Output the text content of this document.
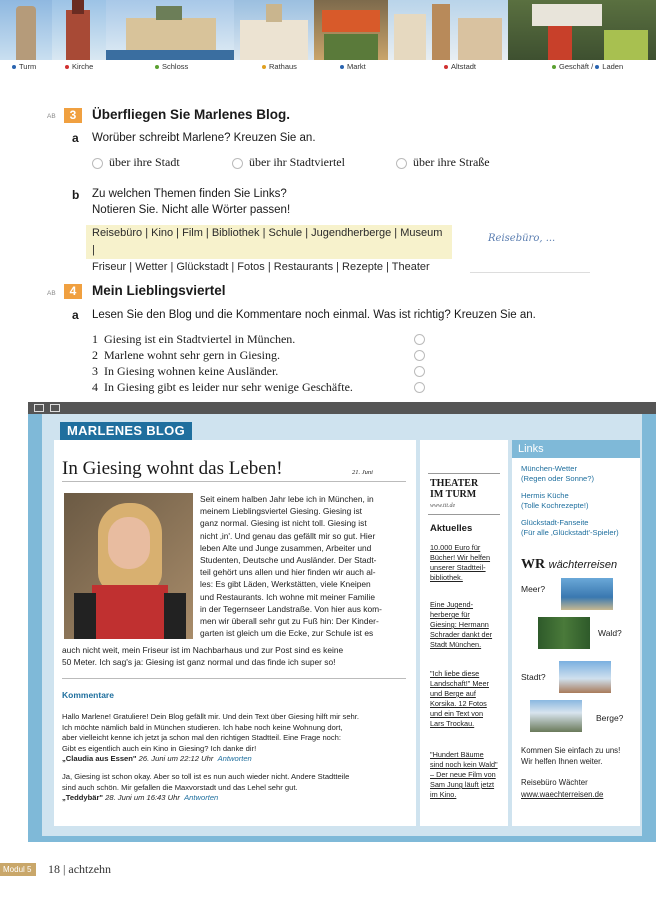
Turm	Kirche	Schloss	Rathaus	Markt	Altstadt	Geschäft / Laden
AB	3	Überfliegen Sie Marlenes Blog.
a Worüber schreibt Marlene? Kreuzen Sie an.
über ihre Stadt	über ihr Stadtviertel	über ihre Straße
b Zu welchen Themen finden Sie Links?
Notieren Sie. Nicht alle Wörter passen!
Reisebüro | Kino | Film | Bibliothek | Schule | Jugendherberge | Museum |
Friseur | Wetter | Glückstadt | Fotos | Restaurants | Rezepte | Theater
Reisebüro, ...
AB	4	Mein Lieblingsviertel
a Lesen Sie den Blog und die Kommentare noch einmal. Was ist richtig? Kreuzen Sie an.
1 Giesing ist ein Stadtviertel in München.
2 Marlene wohnt sehr gern in Giesing.
3 In Giesing wohnen keine Ausländer.
4 In Giesing gibt es leider nur sehr wenige Geschäfte.
MARLENES BLOG
Links
In Giesing wohnt das Leben!	21. Juni
Seit einem halben Jahr lebe ich in München, in
meinem Lieblingsviertel Giesing. Giesing ist
ganz normal. Giesing ist nicht toll. Giesing ist
nicht ‚in'. Und genau das gefällt mir so gut. Hier
leben Alte und Junge zusammen, Arbeiter und
Studenten, Deutsche und Ausländer. Der Stadt-
teil gehört uns allen und hier finden wir auch al-
les: Es gibt Läden, Werkstätten, viele Kneipen
und Restaurants. Ich wohne mit meiner Familie
in der Tegernseer Landstraße. Von hier aus kom-
men wir überall sehr gut zu Fuß hin: Der Kinder-
garten ist gleich um die Ecke, zur Schule ist es
auch nicht weit, mein Friseur ist im Nachbarhaus und zur Post sind es keine
50 Meter. Ich sag's ja: Giesing ist ganz normal und das finde ich super so!
Kommentare
Hallo Marlene! Gratuliere! Dein Blog gefällt mir. Und dein Text über Giesing hilft mir sehr.
Ich möchte nämlich bald in München studieren. Ich habe noch keine Wohnung dort,
aber vielleicht kenne ich jetzt ja schon mal den richtigen Stadtteil. Eine Frage noch:
Gibt es eigentlich auch ein Kino in Giesing? Ich danke dir!
„Claudia aus Essen" 26. Juni um 22:12 Uhr Antworten
Ja, Giesing ist schon okay. Aber so toll ist es nun auch wieder nicht. Andere Stadtteile
sind auch schön. Mir gefallen die Maxvorstadt und das Lehel sehr gut.
„Teddybär" 28. Juni um 16:43 Uhr Antworten
THEATER
IM TURM
www.tit.de
Aktuelles
10.000 Euro für
Bücher! Wir helfen
unserer Stadtteil-
bibliothek.
Eine Jugend-
herberge für
Giesing: Hermann
Schrader dankt der
Stadt München.
"Ich liebe diese
Landschaft!" Meer
und Berge auf
Korsika. 12 Fotos
und ein Text von
Lars Trockau.
"Hundert Bäume
sind noch kein Wald"
– Der neue Film von
Sam Jung läuft jetzt
im Kino.
München-Wetter
(Regen oder Sonne?)
Hermis Küche
(Tolle Kochrezepte!)
Glückstadt-Fanseite
(Für alle ‚Glückstadt'-Spieler)
WR wächterreisen
Meer?
Wald?
Stadt?
Berge?
Kommen Sie einfach zu uns!
Wir helfen Ihnen weiter.
Reisebüro Wächter
www.waechterreisen.de
Modul 5	18 | achtzehn
